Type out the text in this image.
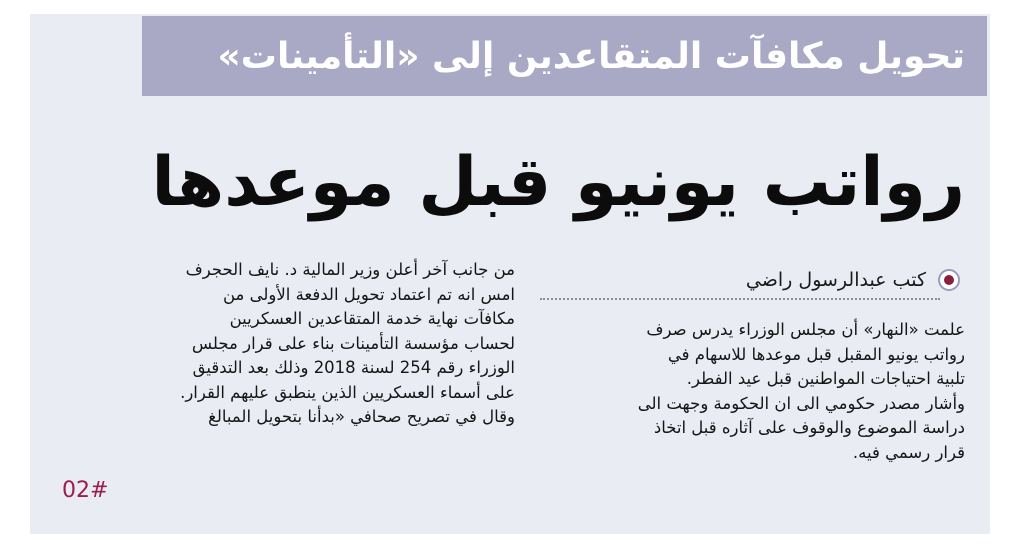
تحويل مكافآت المتقاعدين إلى «التأمينات»
رواتب يونيو قبل موعدها
كتب عبدالرسول راضي

علمت «النهار» أن مجلس الوزراء يدرس صرف

رواتب يونيو المقبل قبل موعدها للاسهام في

تلبية احتياجات المواطنين قبل عيد الفطر.

وأشار مصدر حكومي الى ان الحكومة وجهت الى

دراسة الموضوع والوقوف على آثاره قبل اتخاذ

قرار رسمي فيه.

من جانب آخر أعلن وزير المالية د. نايف الحجرف

امس انه تم اعتماد تحويل الدفعة الأولى من

مكافآت نهاية خدمة المتقاعدين العسكريين

لحساب مؤسسة التأمينات بناء على قرار مجلس

الوزراء رقم 254 لسنة 2018 وذلك بعد التدقيق

على أسماء العسكريين الذين ينطبق عليهم القرار.

وقال في تصريح صحافي «بدأنا بتحويل المبالغ

02#
